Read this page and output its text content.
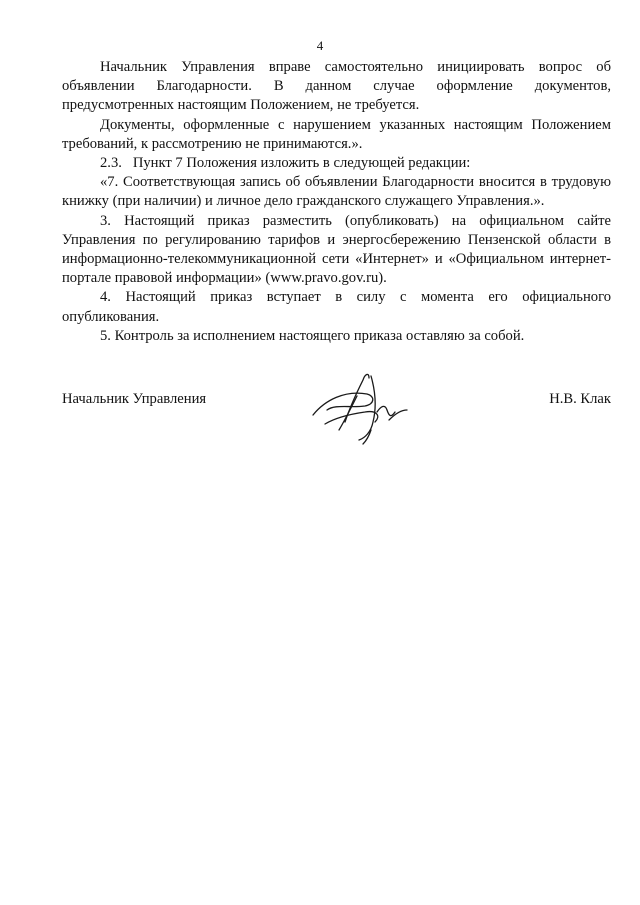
4

Начальник Управления вправе самостоятельно инициировать вопрос об объявлении Благодарности. В данном случае оформление документов, предусмотренных настоящим Положением, не требуется.

Документы, оформленные с нарушением указанных настоящим Положением требований, к рассмотрению не принимаются.».

2.3.   Пункт 7 Положения изложить в следующей редакции:

«7. Соответствующая запись об объявлении Благодарности вносится в трудовую книжку (при наличии) и личное дело гражданского служащего Управления.».

3. Настоящий приказ разместить (опубликовать) на официальном сайте Управления по регулированию тарифов и энергосбережению Пензенской области в информационно-телекоммуникационной сети «Интернет» и «Официальном интернет-портале правовой информации» (www.pravo.gov.ru).

4. Настоящий приказ вступает в силу с момента его официального опубликования.

5. Контроль за исполнением настоящего приказа оставляю за собой.

Начальник Управления	Н.В. Клак
